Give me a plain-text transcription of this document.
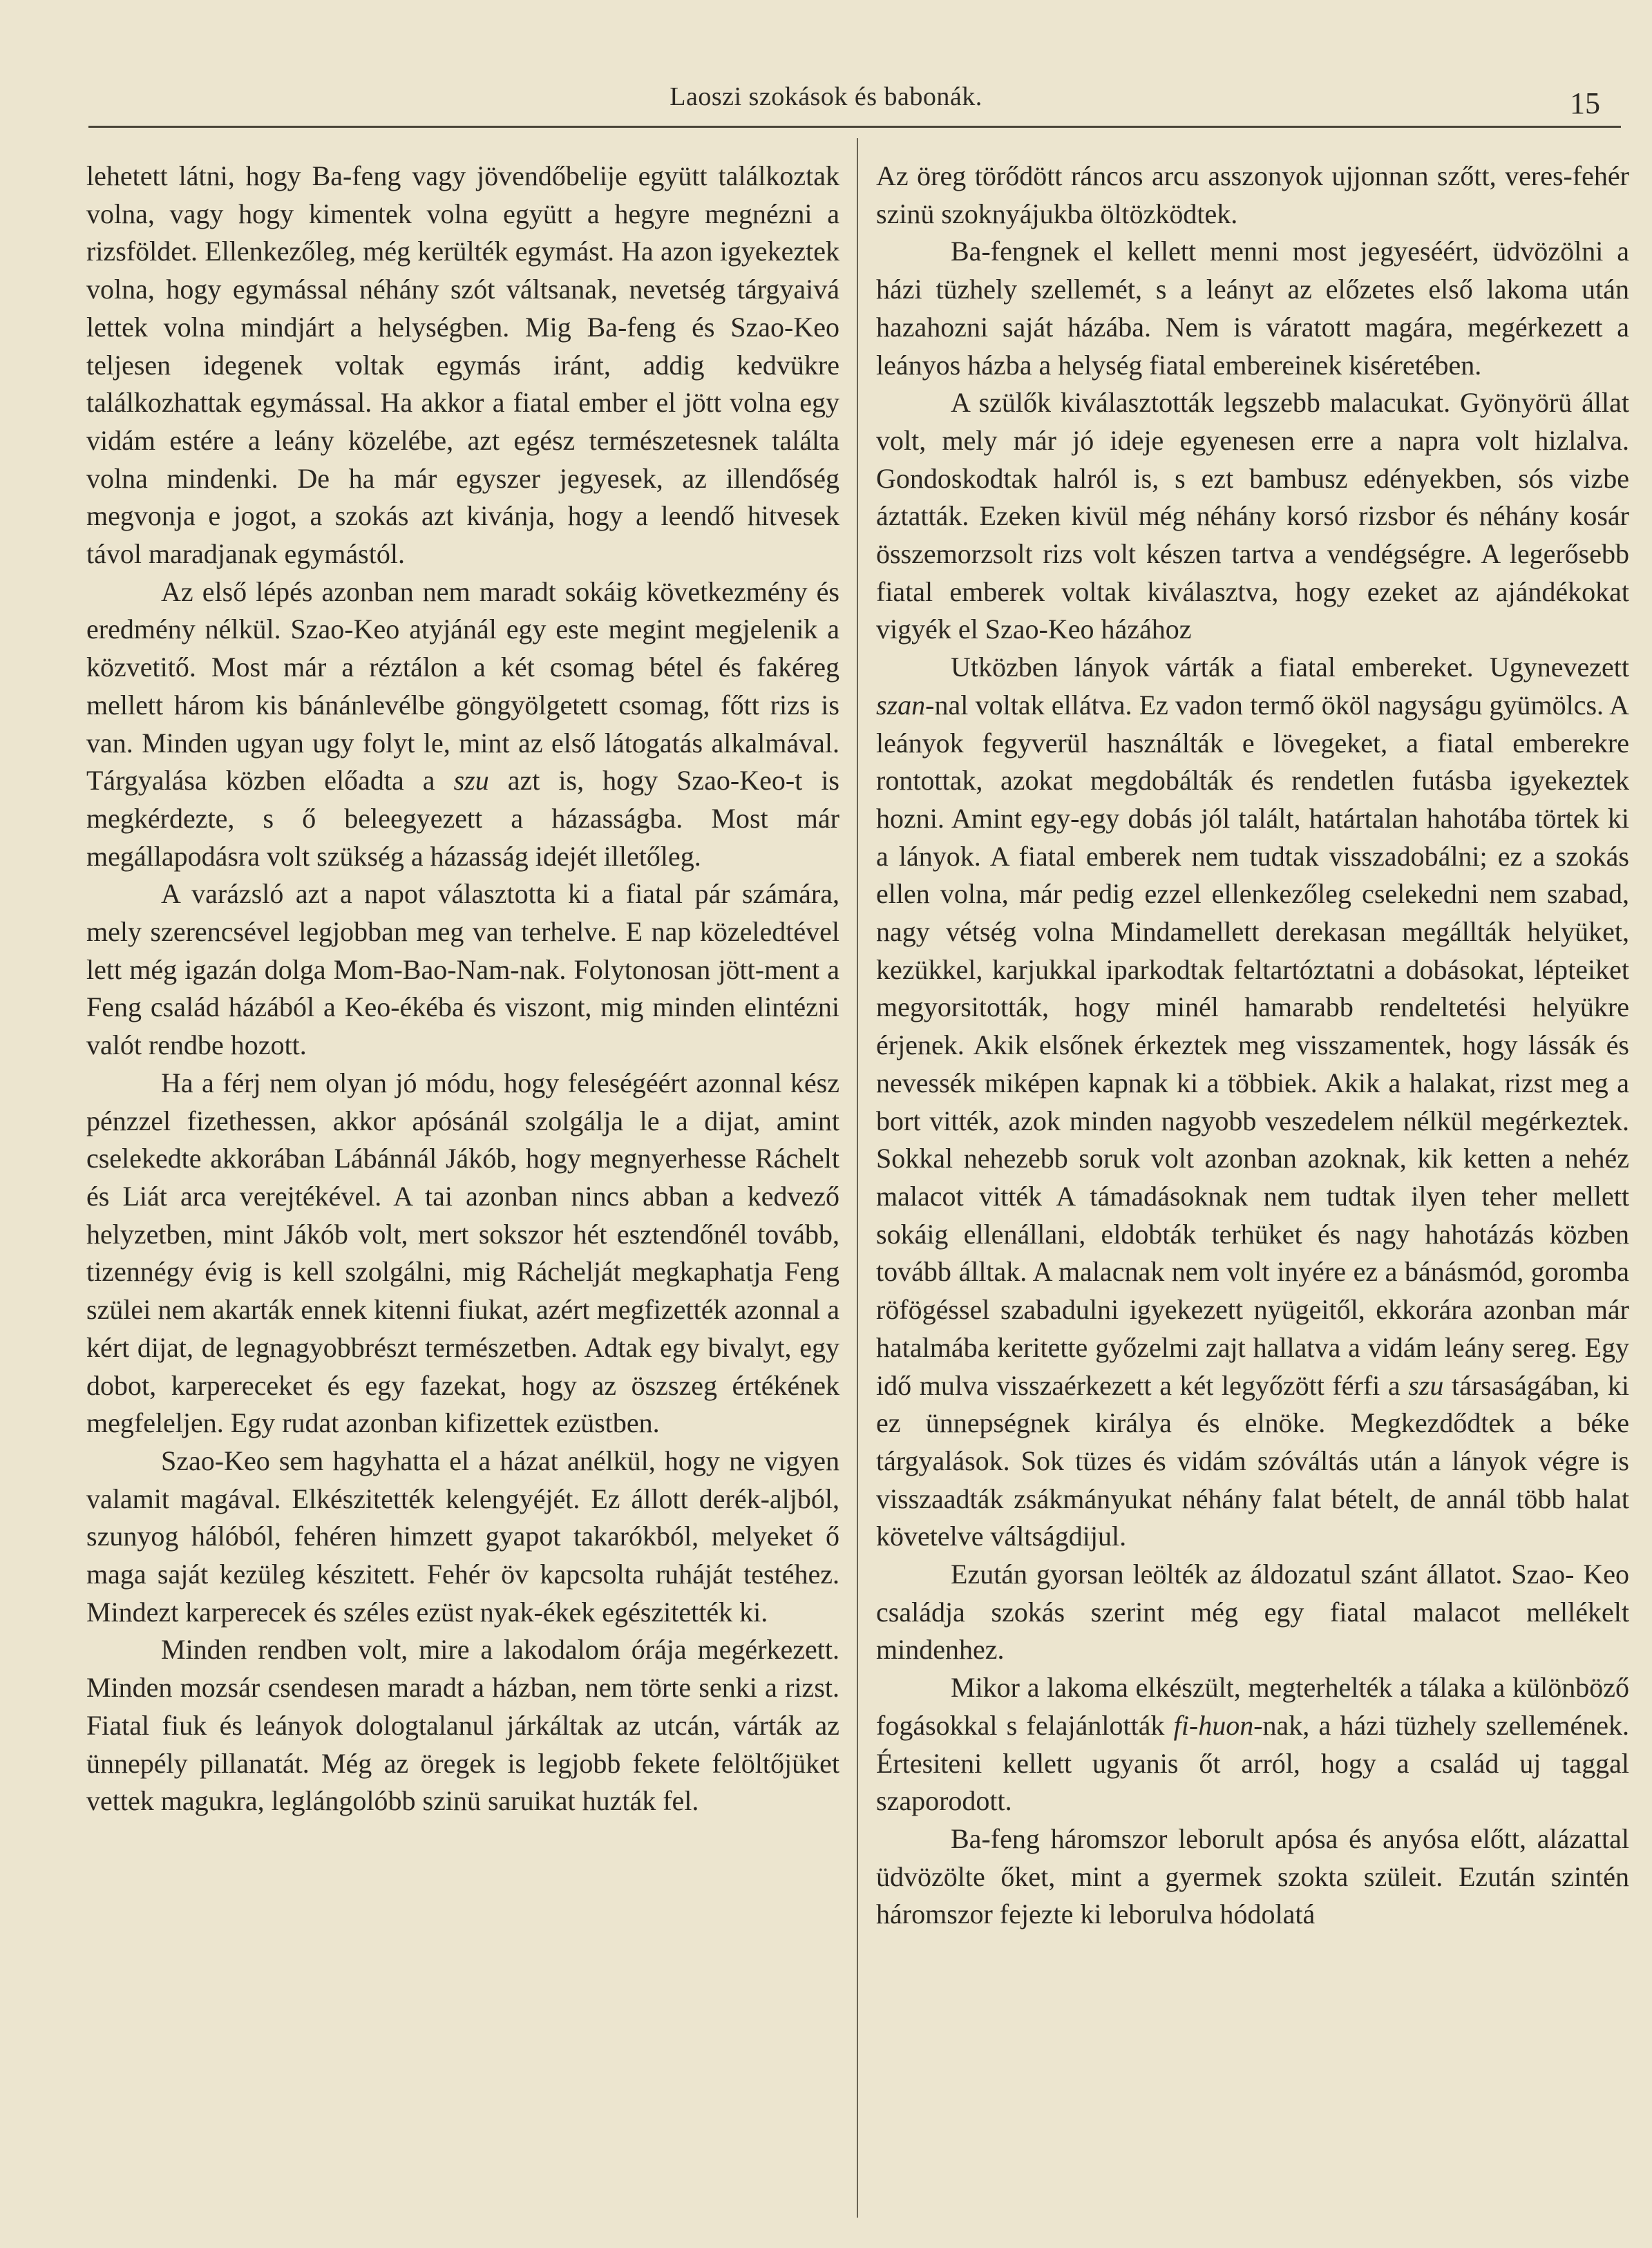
Laoszi szokások és babonák.	15

lehetett látni, hogy Ba-feng vagy jövendőbelije együtt találkoztak volna, vagy hogy kimentek volna együtt a hegyre megnézni a rizsföldet. Ellenkezőleg, még kerülték egymást. Ha azon igyekeztek volna, hogy egymással néhány szót váltsanak, nevetség tárgyaivá lettek volna mindjárt a helységben. Mig Ba-feng és Szao-Keo teljesen idegenek voltak egymás iránt, addig kedvükre találkozhattak egymással. Ha akkor a fiatal ember el jött volna egy vidám estére a leány közelébe, azt egész természetesnek találta volna mindenki. De ha már egyszer jegyesek, az illendőség megvonja e jogot, a szokás azt kivánja, hogy a leendő hitvesek távol maradjanak egymástól.

Az első lépés azonban nem maradt sokáig következmény és eredmény nélkül. Szao-Keo atyjánál egy este megint megjelenik a közvetitő. Most már a réztálon a két csomag bétel és fakéreg mellett három kis bánánlevélbe göngyölgetett csomag, főtt rizs is van. Minden ugyan ugy folyt le, mint az első látogatás alkalmával. Tárgyalása közben előadta a szu azt is, hogy Szao-Keo-t is megkérdezte, s ő beleegyezett a házasságba. Most már megállapodásra volt szükség a házasság idejét illetőleg.

A varázsló azt a napot választotta ki a fiatal pár számára, mely szerencsével legjobban meg van terhelve. E nap közeledtével lett még igazán dolga Mom-Bao-Nam-nak. Folytonosan jött-ment a Feng család házából a Keo-ékéba és viszont, mig minden elintézni valót rendbe hozott.

Ha a férj nem olyan jó módu, hogy feleségéért azonnal kész pénzzel fizethessen, akkor apósánál szolgálja le a dijat, amint cselekedte akkorában Lábánnál Jákób, hogy megnyerhesse Ráchelt és Liát arca verejtékével. A tai azonban nincs abban a kedvező helyzetben, mint Jákób volt, mert sokszor hét esztendőnél tovább, tizennégy évig is kell szolgálni, mig Ráchelját megkaphatja Feng szülei nem akarták ennek kitenni fiukat, azért megfizették azonnal a kért dijat, de legnagyobbrészt természetben. Adtak egy bivalyt, egy dobot, karpereceket és egy fazekat, hogy az öszszeg értékének megfeleljen. Egy rudat azonban kifizettek ezüstben.

Szao-Keo sem hagyhatta el a házat anélkül, hogy ne vigyen valamit magával. Elkészitették kelengyéjét. Ez állott derék-aljból, szunyog hálóból, fehéren himzett gyapot takarókból, melyeket ő maga saját kezüleg készitett. Fehér öv kapcsolta ruháját testéhez. Mindezt karperecek és széles ezüst nyak-ékek egészitették ki.

Minden rendben volt, mire a lakodalom órája megérkezett. Minden mozsár csendesen maradt a házban, nem törte senki a rizst. Fiatal fiuk és leányok dologtalanul járkáltak az utcán, várták az ünnepély pillanatát. Még az öregek is legjobb fekete felöltőjüket vettek magukra, leglángolóbb szinü saruikat huzták fel.

Az öreg törődött ráncos arcu asszonyok ujjonnan szőtt, veres-fehér szinü szoknyájukba öltözködtek.

Ba-fengnek el kellett menni most jegyeséért, üdvözölni a házi tüzhely szellemét, s a leányt az előzetes első lakoma után hazahozni saját házába. Nem is váratott magára, megérkezett a leányos házba a helység fiatal embereinek kiséretében.

A szülők kiválasztották legszebb malacukat. Gyönyörü állat volt, mely már jó ideje egyenesen erre a napra volt hizlalva. Gondoskodtak halról is, s ezt bambusz edényekben, sós vizbe áztatták. Ezeken kivül még néhány korsó rizsbor és néhány kosár összemorzsolt rizs volt készen tartva a vendégségre. A legerősebb fiatal emberek voltak kiválasztva, hogy ezeket az ajándékokat vigyék el Szao-Keo házához

Utközben lányok várták a fiatal embereket. Ugynevezett szan-nal voltak ellátva. Ez vadon termő ököl nagyságu gyümölcs. A leányok fegyverül használták e lövegeket, a fiatal emberekre rontottak, azokat megdobálták és rendetlen futásba igyekeztek hozni. Amint egy-egy dobás jól talált, határtalan hahotába törtek ki a lányok. A fiatal emberek nem tudtak visszadobálni; ez a szokás ellen volna, már pedig ezzel ellenkezőleg cselekedni nem szabad, nagy vétség volna Mindamellett derekasan megállták helyüket, kezükkel, karjukkal iparkodtak feltartóztatni a dobásokat, lépteiket megyorsitották, hogy minél hamarabb rendeltetési helyükre érjenek. Akik elsőnek érkeztek meg visszamentek, hogy lássák és nevessék miképen kapnak ki a többiek. Akik a halakat, rizst meg a bort vitték, azok minden nagyobb veszedelem nélkül megérkeztek. Sokkal nehezebb soruk volt azonban azoknak, kik ketten a nehéz malacot vitték A támadásoknak nem tudtak ilyen teher mellett sokáig ellenállani, eldobták terhüket és nagy hahotázás közben tovább álltak. A malacnak nem volt inyére ez a bánásmód, goromba röfögéssel szabadulni igyekezett nyügeitől, ekkorára azonban már hatalmába keritette győzelmi zajt hallatva a vidám leány sereg. Egy idő mulva visszaérkezett a két legyőzött férfi a szu társaságában, ki ez ünnepségnek királya és elnöke. Megkezdődtek a béke tárgyalások. Sok tüzes és vidám szóváltás után a lányok végre is visszaadták zsákmányukat néhány falat bételt, de annál több halat követelve váltságdijul.

Ezután gyorsan leölték az áldozatul szánt állatot. Szao- Keo családja szokás szerint még egy fiatal malacot mellékelt mindenhez.

Mikor a lakoma elkészült, megterhelték a tálaka a különböző fogásokkal s felajánlották fi-huon-nak, a házi tüzhely szellemének. Értesiteni kellett ugyanis őt arról, hogy a család uj taggal szaporodott.

Ba-feng háromszor leborult apósa és anyósa előtt, alázattal üdvözölte őket, mint a gyermek szokta szüleit. Ezután szintén háromszor fejezte ki leborulva hódolatá
